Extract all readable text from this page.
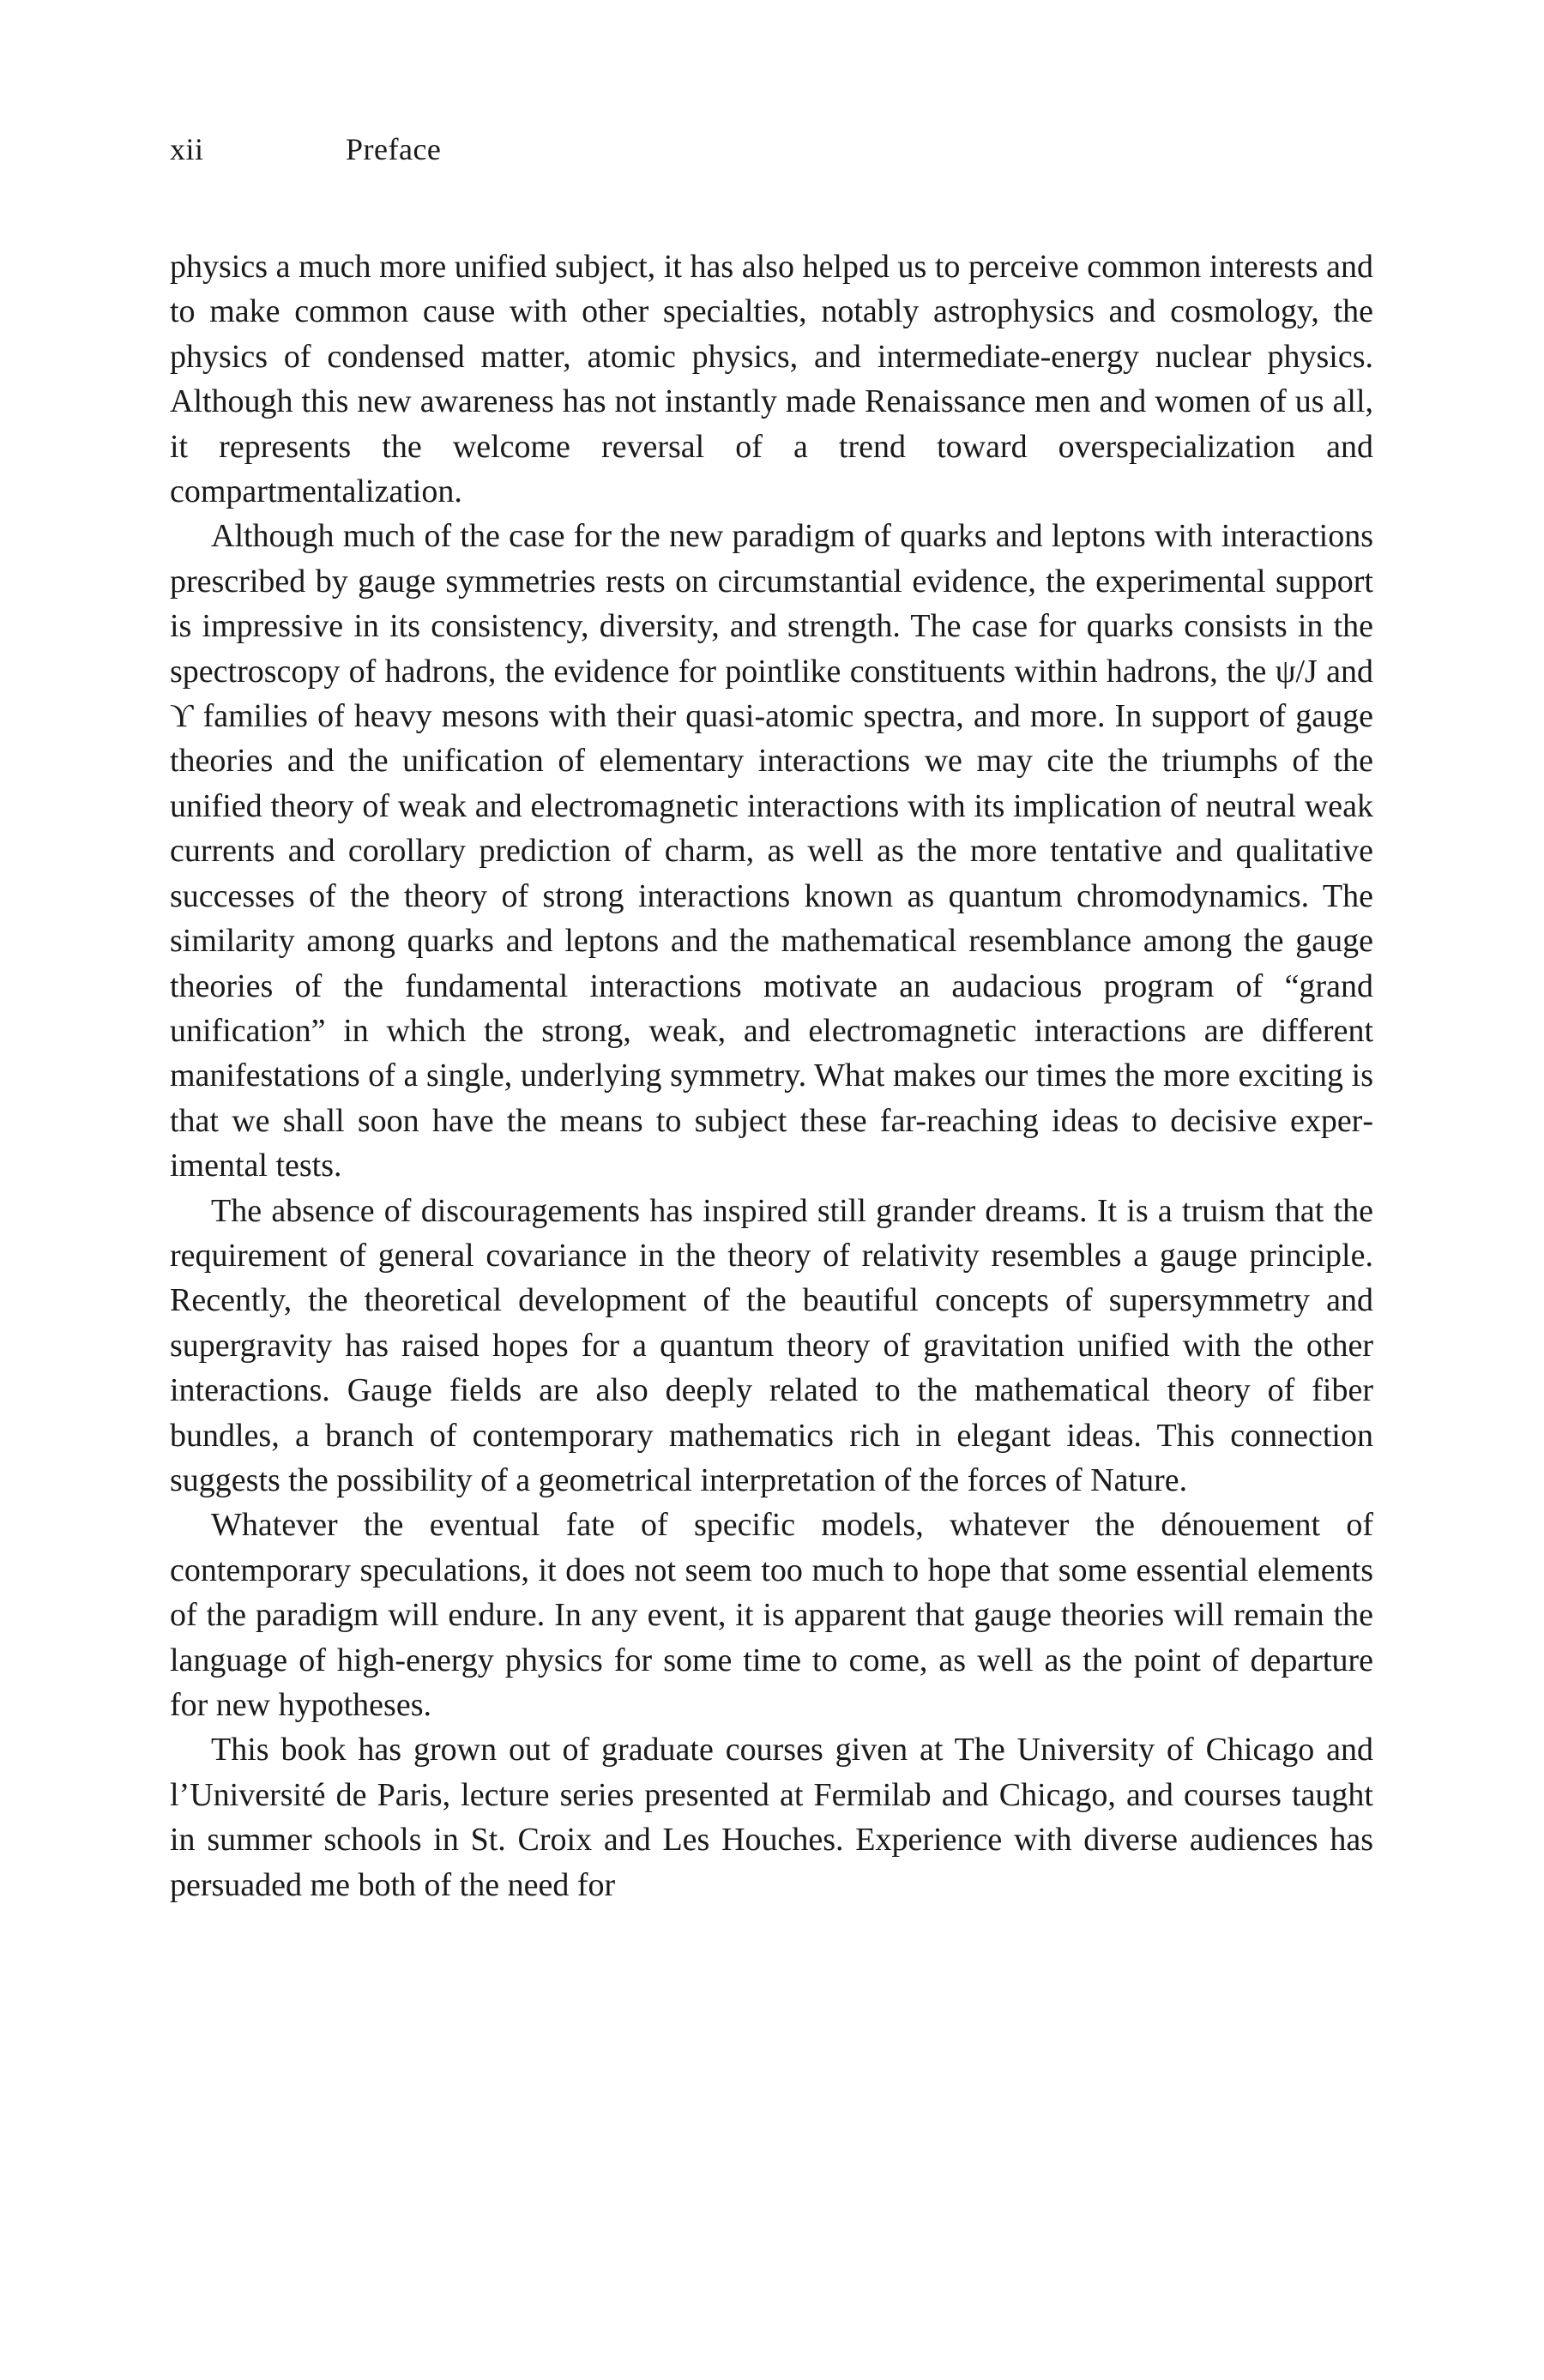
xii	Preface

physics a much more unified subject, it has also helped us to perceive common interests and to make common cause with other specialties, notably astrophysics and cosmology, the physics of condensed matter, atomic physics, and intermediate-energy nuclear physics. Although this new awareness has not instantly made Renaissance men and women of us all, it represents the welcome reversal of a trend toward overspecialization and compartmentalization.

Although much of the case for the new paradigm of quarks and leptons with interactions prescribed by gauge symmetries rests on circumstantial evidence, the experimental support is impressive in its consistency, diversity, and strength. The case for quarks consists in the spectroscopy of hadrons, the evidence for pointlike constituents within hadrons, the ψ/J and ϒ families of heavy mesons with their quasi-atomic spectra, and more. In support of gauge theories and the unification of elementary interactions we may cite the triumphs of the unified theory of weak and electromagnetic interactions with its implication of neutral weak currents and corollary prediction of charm, as well as the more tentative and qualitative successes of the theory of strong interactions known as quantum chromodynamics. The similarity among quarks and leptons and the mathematical resemblance among the gauge theories of the fundamental interactions motivate an audacious program of “grand unification” in which the strong, weak, and electromagnetic interactions are different manifestations of a single, underlying symmetry. What makes our times the more exciting is that we shall soon have the means to subject these far-reaching ideas to decisive experimental tests.

The absence of discouragements has inspired still grander dreams. It is a truism that the requirement of general covariance in the theory of relativity resembles a gauge principle. Recently, the theoretical development of the beautiful concepts of supersymmetry and supergravity has raised hopes for a quantum theory of gravitation unified with the other interactions. Gauge fields are also deeply related to the mathematical theory of fiber bundles, a branch of contemporary mathematics rich in elegant ideas. This connection suggests the possibility of a geometrical interpretation of the forces of Nature.

Whatever the eventual fate of specific models, whatever the dénouement of contemporary speculations, it does not seem too much to hope that some essential elements of the paradigm will endure. In any event, it is apparent that gauge theories will remain the language of high-energy physics for some time to come, as well as the point of departure for new hypotheses.

This book has grown out of graduate courses given at The University of Chicago and l’Université de Paris, lecture series presented at Fermilab and Chicago, and courses taught in summer schools in St. Croix and Les Houches. Experience with diverse audiences has persuaded me both of the need for
